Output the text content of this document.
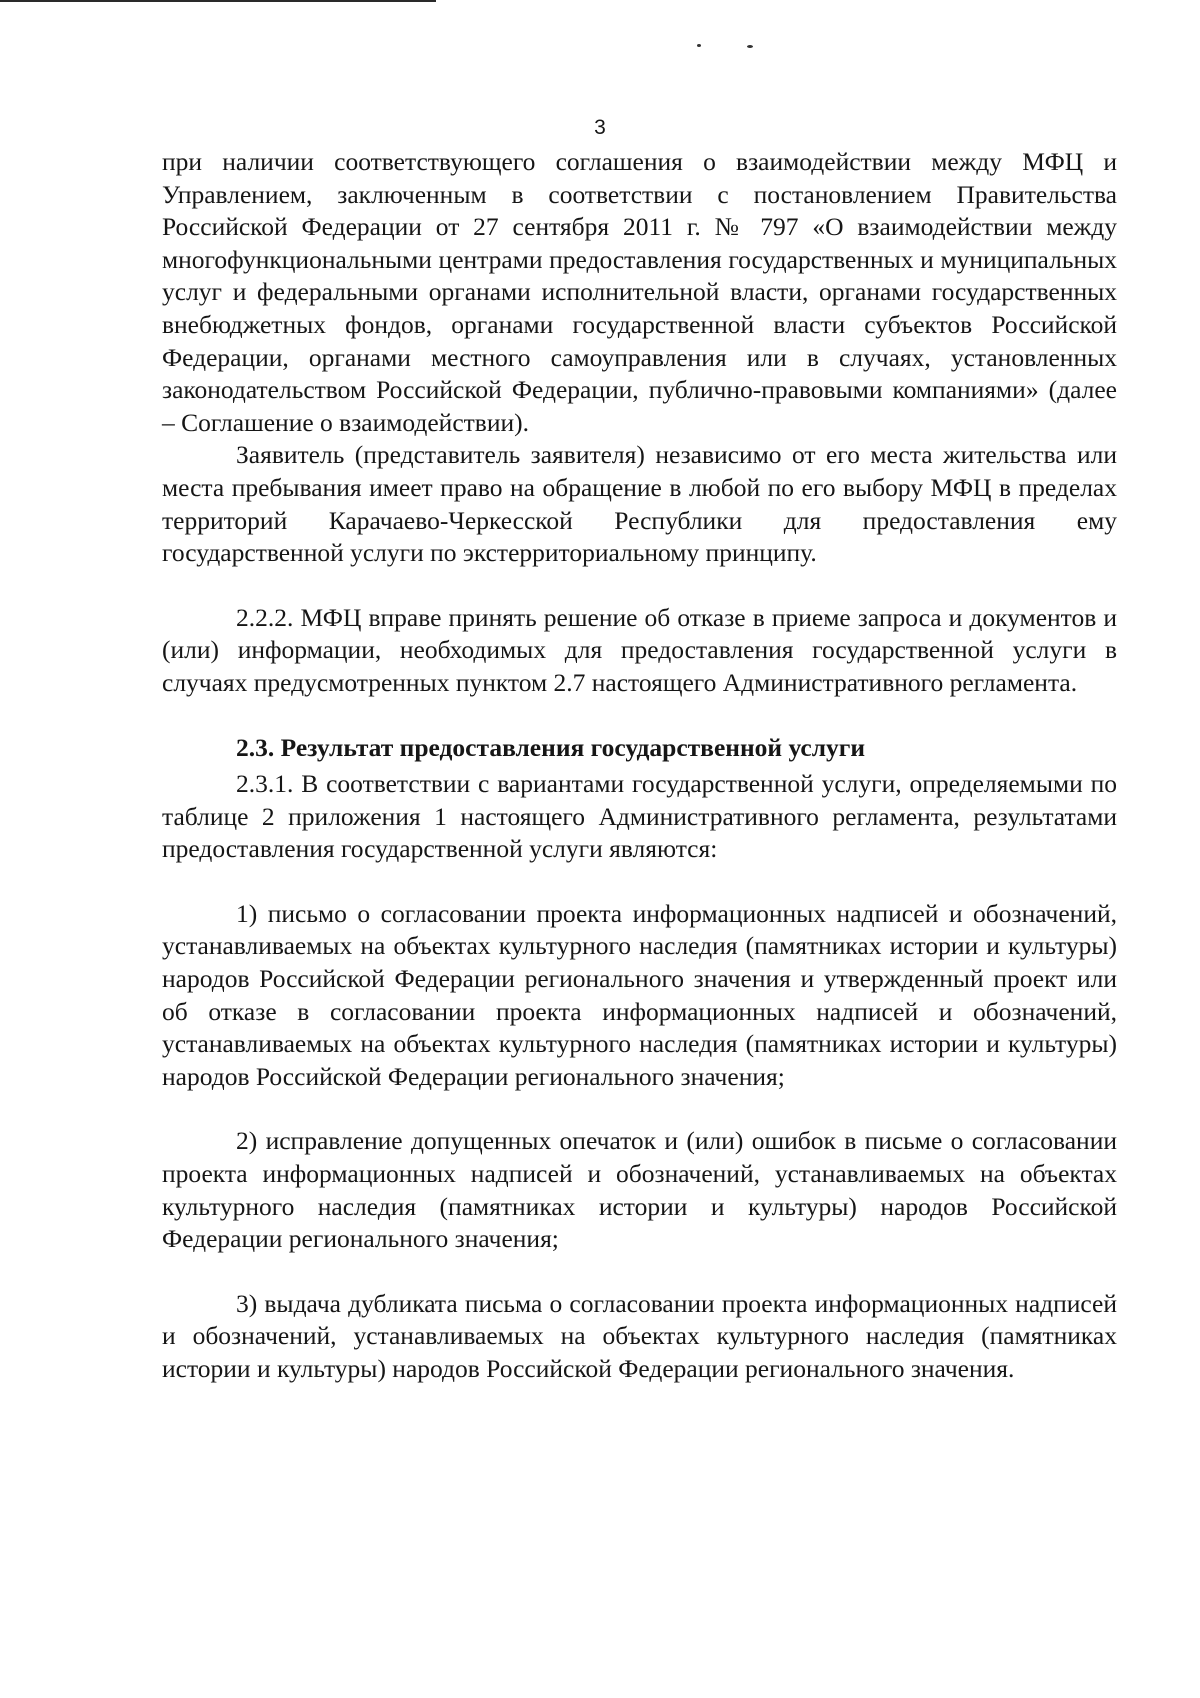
3

при наличии соответствующего соглашения о взаимодействии между МФЦ и Управлением, заключенным в соответствии с постановлением Правительства Российской Федерации от 27 сентября 2011 г. № 797 «О взаимодействии между многофункциональными центрами предоставления государственных и муниципальных услуг и федеральными органами исполнительной власти, органами государственных внебюджетных фондов, органами государственной власти субъектов Российской Федерации, органами местного самоуправления или в случаях, установленных законодательством Российской Федерации, публично-правовыми компаниями» (далее – Соглашение о взаимодействии).

Заявитель (представитель заявителя) независимо от его места жительства или места пребывания имеет право на обращение в любой по его выбору МФЦ в пределах территорий Карачаево-Черкесской Республики для предоставления ему государственной услуги по экстерриториальному принципу.

2.2.2. МФЦ вправе принять решение об отказе в приеме запроса и документов и (или) информации, необходимых для предоставления государственной услуги в случаях предусмотренных пунктом 2.7 настоящего Административного регламента.

2.3. Результат предоставления государственной услуги

2.3.1. В соответствии с вариантами государственной услуги, определяемыми по таблице 2 приложения 1 настоящего Административного регламента, результатами предоставления государственной услуги являются:

1) письмо о согласовании проекта информационных надписей и обозначений, устанавливаемых на объектах культурного наследия (памятниках истории и культуры) народов Российской Федерации регионального значения и утвержденный проект или об отказе в согласовании проекта информационных надписей и обозначений, устанавливаемых на объектах культурного наследия (памятниках истории и культуры) народов Российской Федерации регионального значения;

2) исправление допущенных опечаток и (или) ошибок в письме о согласовании проекта информационных надписей и обозначений, устанавливаемых на объектах культурного наследия (памятниках истории и культуры) народов Российской Федерации регионального значения;

3) выдача дубликата письма о согласовании проекта информационных надписей и обозначений, устанавливаемых на объектах культурного наследия (памятниках истории и культуры) народов Российской Федерации регионального значения.
